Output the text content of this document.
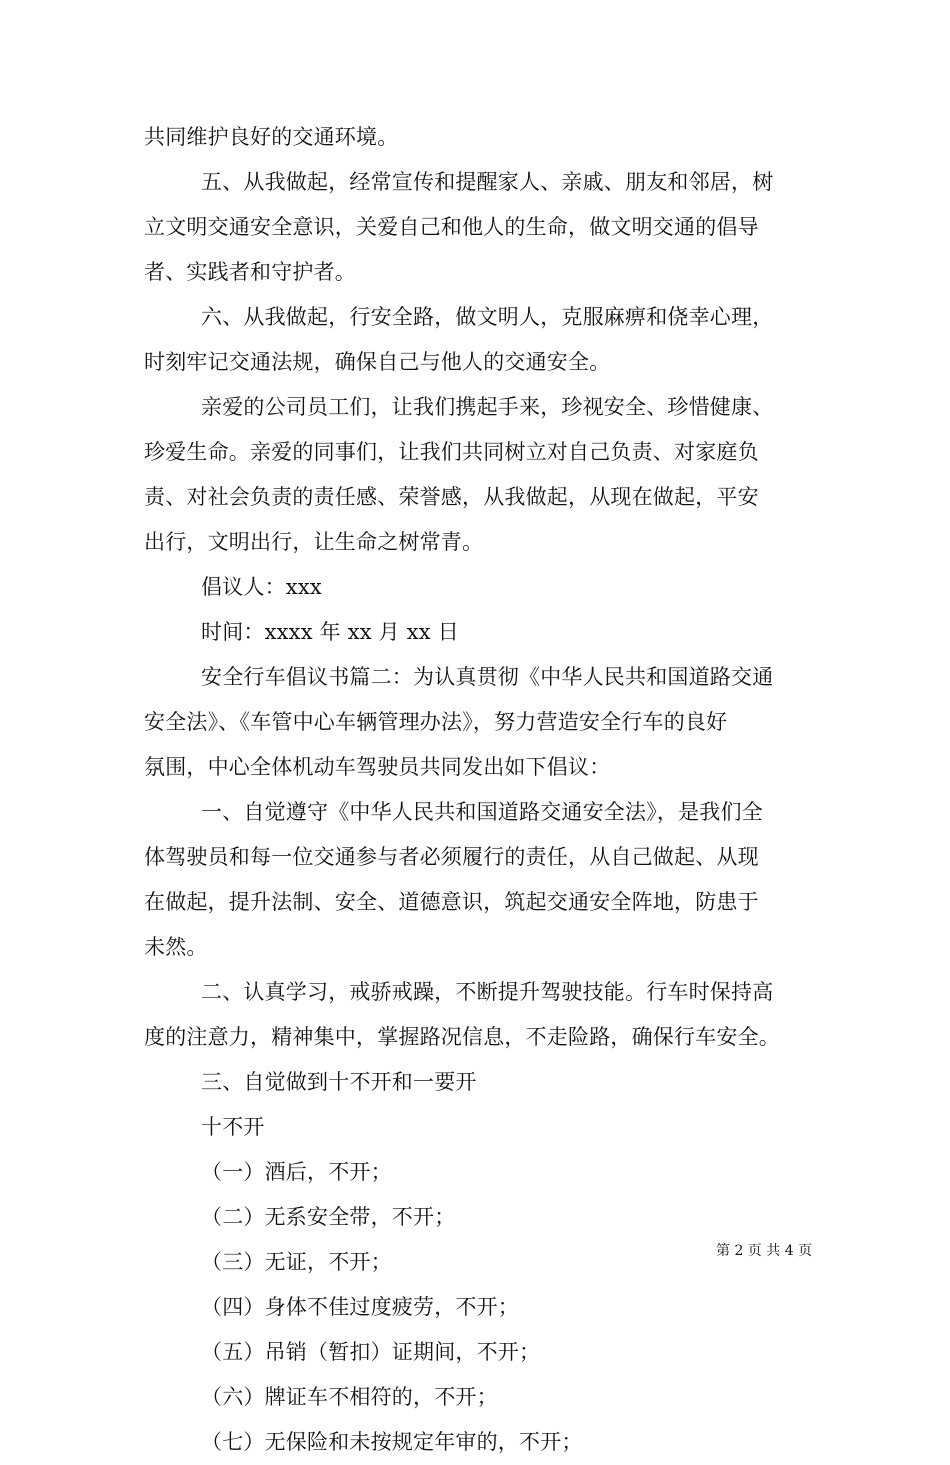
共同维护良好的交通环境。
五、从我做起，经常宣传和提醒家人、亲戚、朋友和邻居，树
立文明交通安全意识，关爱自己和他人的生命，做文明交通的倡导
者、实践者和守护者。
六、从我做起，行安全路，做文明人，克服麻痹和侥幸心理，
时刻牢记交通法规，确保自己与他人的交通安全。
亲爱的公司员工们，让我们携起手来，珍视安全、珍惜健康、
珍爱生命。亲爱的同事们，让我们共同树立对自己负责、对家庭负
责、对社会负责的责任感、荣誉感，从我做起，从现在做起，平安
出行，文明出行，让生命之树常青。
倡议人：xxx
时间：xxxx 年 xx 月 xx 日
安全行车倡议书篇二：为认真贯彻《中华人民共和国道路交通
安全法》、《车管中心车辆管理办法》，努力营造安全行车的良好
氛围，中心全体机动车驾驶员共同发出如下倡议：
一、自觉遵守《中华人民共和国道路交通安全法》，是我们全
体驾驶员和每一位交通参与者必须履行的责任，从自己做起、从现
在做起，提升法制、安全、道德意识，筑起交通安全阵地，防患于
未然。
二、认真学习，戒骄戒躁，不断提升驾驶技能。行车时保持高
度的注意力，精神集中，掌握路况信息，不走险路，确保行车安全。
三、自觉做到十不开和一要开
十不开
（一）酒后，不开；
（二）无系安全带，不开；
（三）无证，不开；
（四）身体不佳过度疲劳，不开；
（五）吊销（暂扣）证期间，不开；
（六）牌证车不相符的，不开；
（七）无保险和未按规定年审的，不开；
第 2 页 共 4 页
